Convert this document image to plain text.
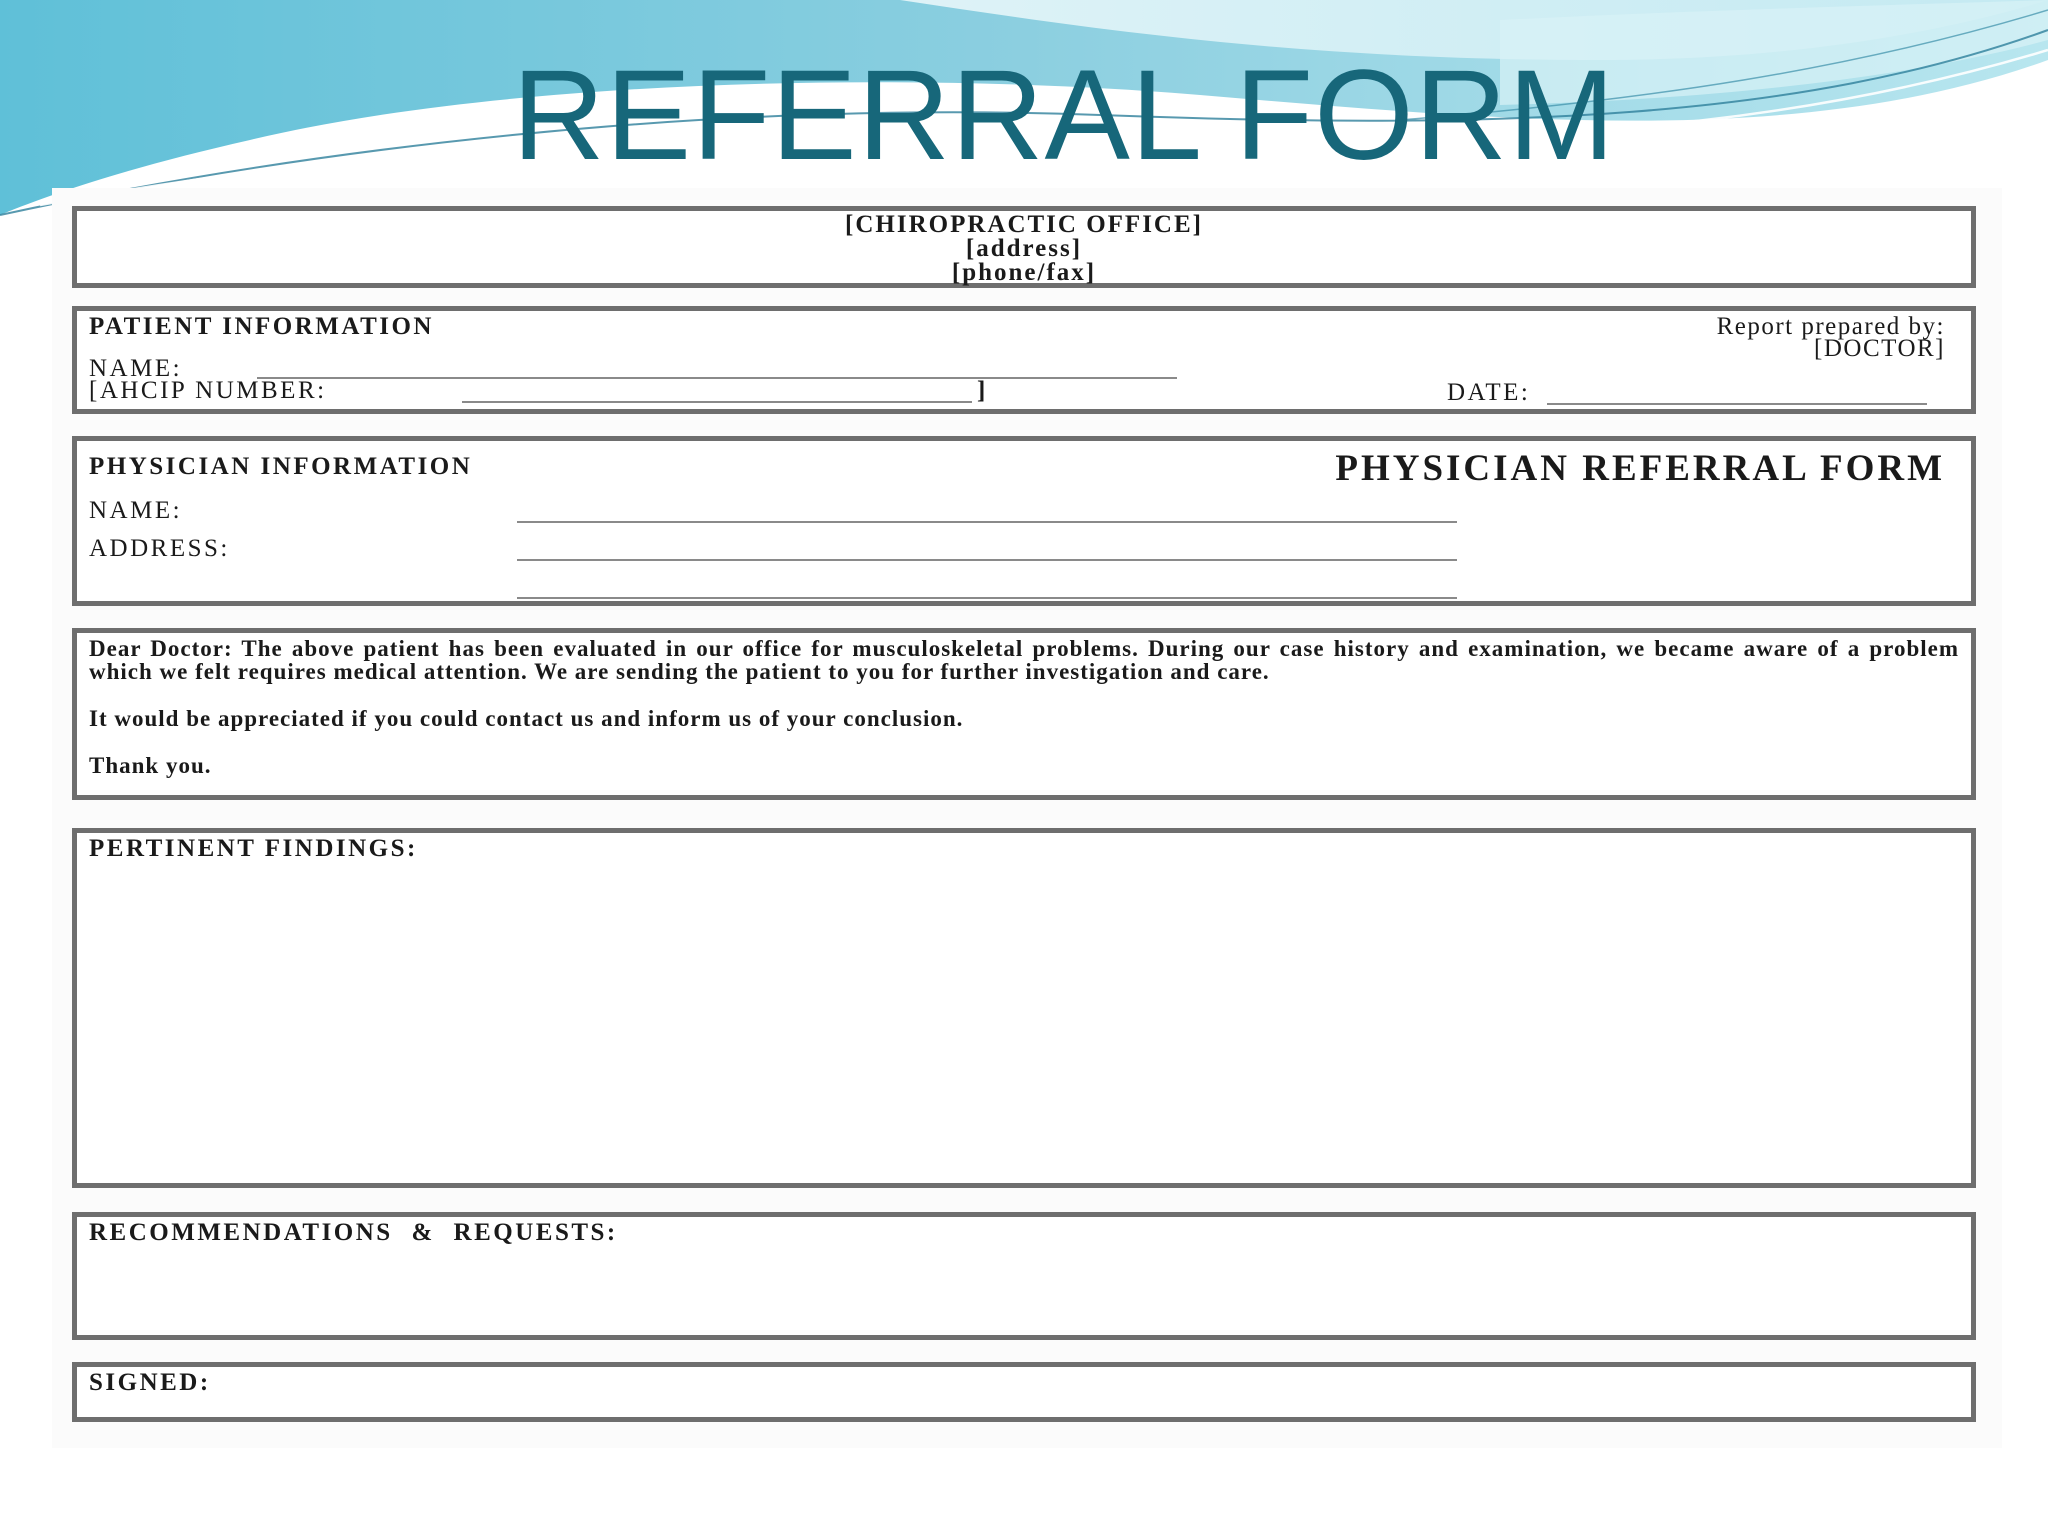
REFERRAL FORM
[CHIROPRACTIC OFFICE]
[address]
[phone/fax]
PATIENT INFORMATION	Report prepared by:
[DOCTOR]
NAME:
[AHCIP NUMBER:	]	DATE:
PHYSICIAN INFORMATION	PHYSICIAN REFERRAL FORM
NAME:
ADDRESS:

Dear Doctor: The above patient has been evaluated in our office for musculoskeletal problems. During our case history and examination, we became aware of a problem which we felt requires medical attention. We are sending the patient to you for further investigation and care.

It would be appreciated if you could contact us and inform us of your conclusion.

Thank you.

PERTINENT FINDINGS:
RECOMMENDATIONS & REQUESTS:
SIGNED:
